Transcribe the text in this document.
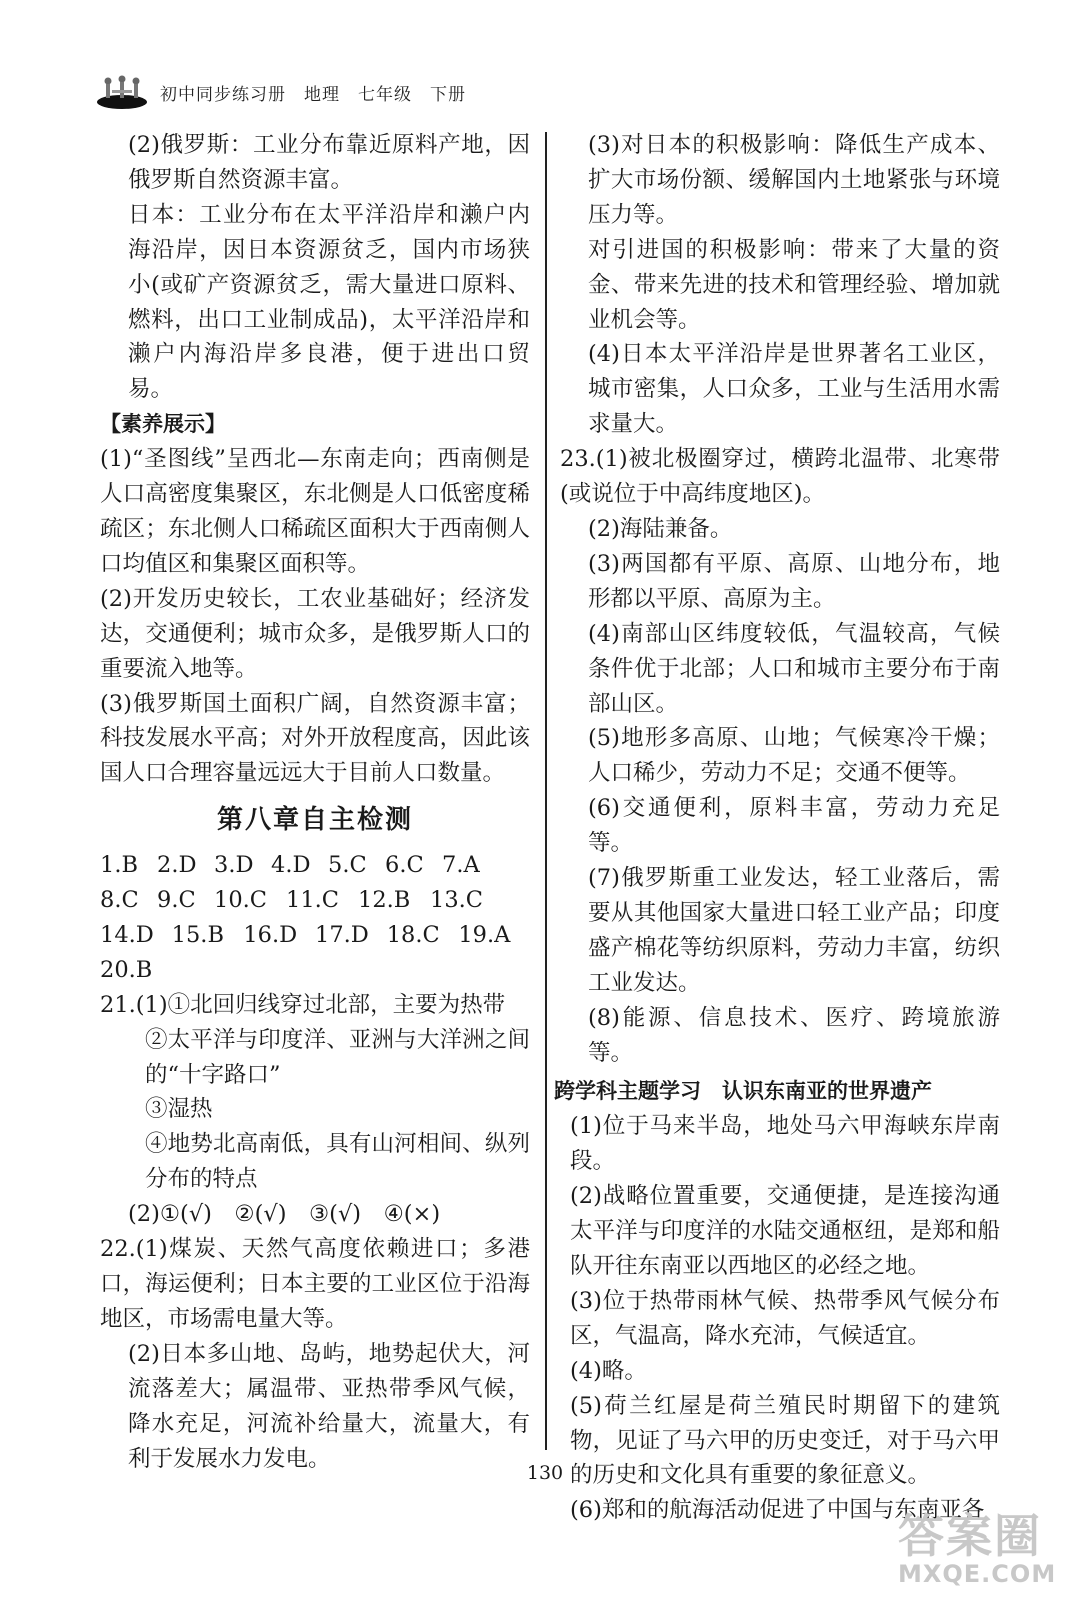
初中同步练习册　地理　七年级　下册

(2)俄罗斯：工业分布靠近原料产地，因俄罗斯自然资源丰富。

日本：工业分布在太平洋沿岸和濑户内海沿岸，因日本资源贫乏，国内市场狭小(或矿产资源贫乏，需大量进口原料、燃料，出口工业制成品)，太平洋沿岸和濑户内海沿岸多良港，便于进出口贸易。

【素养展示】

(1)“圣图线”呈西北—东南走向；西南侧是人口高密度集聚区，东北侧是人口低密度稀疏区；东北侧人口稀疏区面积大于西南侧人口均值区和集聚区面积等。

(2)开发历史较长，工农业基础好；经济发达，交通便利；城市众多，是俄罗斯人口的重要流入地等。

(3)俄罗斯国土面积广阔，自然资源丰富；科技发展水平高；对外开放程度高，因此该国人口合理容量远远大于目前人口数量。

第八章自主检测
1.B 2.D 3.D 4.D 5.C 6.C 7.A
8.C 9.C 10.C 11.C 12.B 13.C
14.D 15.B 16.D 17.D 18.C 19.A
20.B

21.(1)①北回归线穿过北部，主要为热带

②太平洋与印度洋、亚洲与大洋洲之间的“十字路口”

③湿热

④地势北高南低，具有山河相间、纵列分布的特点

(2)①(√)　②(√)　③(√)　④(×)

22.(1)煤炭、天然气高度依赖进口；多港口，海运便利；日本主要的工业区位于沿海地区，市场需电量大等。

(2)日本多山地、岛屿，地势起伏大，河流落差大；属温带、亚热带季风气候，降水充足，河流补给量大，流量大，有利于发展水力发电。

(3)对日本的积极影响：降低生产成本、扩大市场份额、缓解国内土地紧张与环境压力等。

对引进国的积极影响：带来了大量的资金、带来先进的技术和管理经验、增加就业机会等。

(4)日本太平洋沿岸是世界著名工业区，城市密集，人口众多，工业与生活用水需求量大。

23.(1)被北极圈穿过，横跨北温带、北寒带(或说位于中高纬度地区)。

(2)海陆兼备。

(3)两国都有平原、高原、山地分布，地形都以平原、高原为主。

(4)南部山区纬度较低，气温较高，气候条件优于北部；人口和城市主要分布于南部山区。

(5)地形多高原、山地；气候寒冷干燥；人口稀少，劳动力不足；交通不便等。

(6)交通便利，原料丰富，劳动力充足等。

(7)俄罗斯重工业发达，轻工业落后，需要从其他国家大量进口轻工业产品；印度盛产棉花等纺织原料，劳动力丰富，纺织工业发达。

(8)能源、信息技术、医疗、跨境旅游等。

跨学科主题学习　认识东南亚的世界遗产

(1)位于马来半岛，地处马六甲海峡东岸南段。

(2)战略位置重要，交通便捷，是连接沟通太平洋与印度洋的水陆交通枢纽，是郑和船队开往东南亚以西地区的必经之地。

(3)位于热带雨林气候、热带季风气候分布区，气温高，降水充沛，气候适宜。

(4)略。

(5)荷兰红屋是荷兰殖民时期留下的建筑物，见证了马六甲的历史变迁，对于马六甲的历史和文化具有重要的象征意义。

(6)郑和的航海活动促进了中国与东南亚各

130
答案圈
MXQE.COM
